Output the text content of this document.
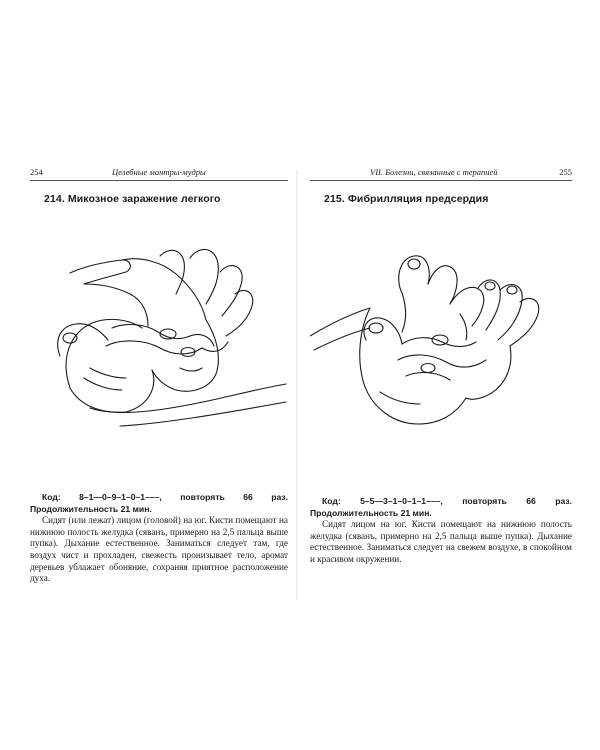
254	Целебные мантры-мудры
214. Микозное заражение легкого

Код: 8–1—0–9–1–0–1–––, повторять 66 раз. Продолжительность 21 мин.

Сидят (или лежат) лицом (головой) на юг. Кисти помещают на нижнюю полость желудка (сяванъ, примерно на 2,5 пальца выше пупка). Дыхание естественное. Заниматься следует там, где воздух чист и прохладен, свежесть пронизывает тело, аромат деревьев ублажает обоняние, сохраняя приятное расположение духа.

VII. Болезни, связанные с терапией	255
215. Фибрилляция предсердия

Код: 5–5—3–1–0–1–1–––, повторять 66 раз. Продолжительность 21 мин.

Сидят лицом на юг. Кисти помещают на нижнюю полость желудка (сяванъ, примерно на 2,5 пальца выше пупка). Дыхание естественное. Заниматься следует на свежем воздухе, в спокойном и красивом окружении.
